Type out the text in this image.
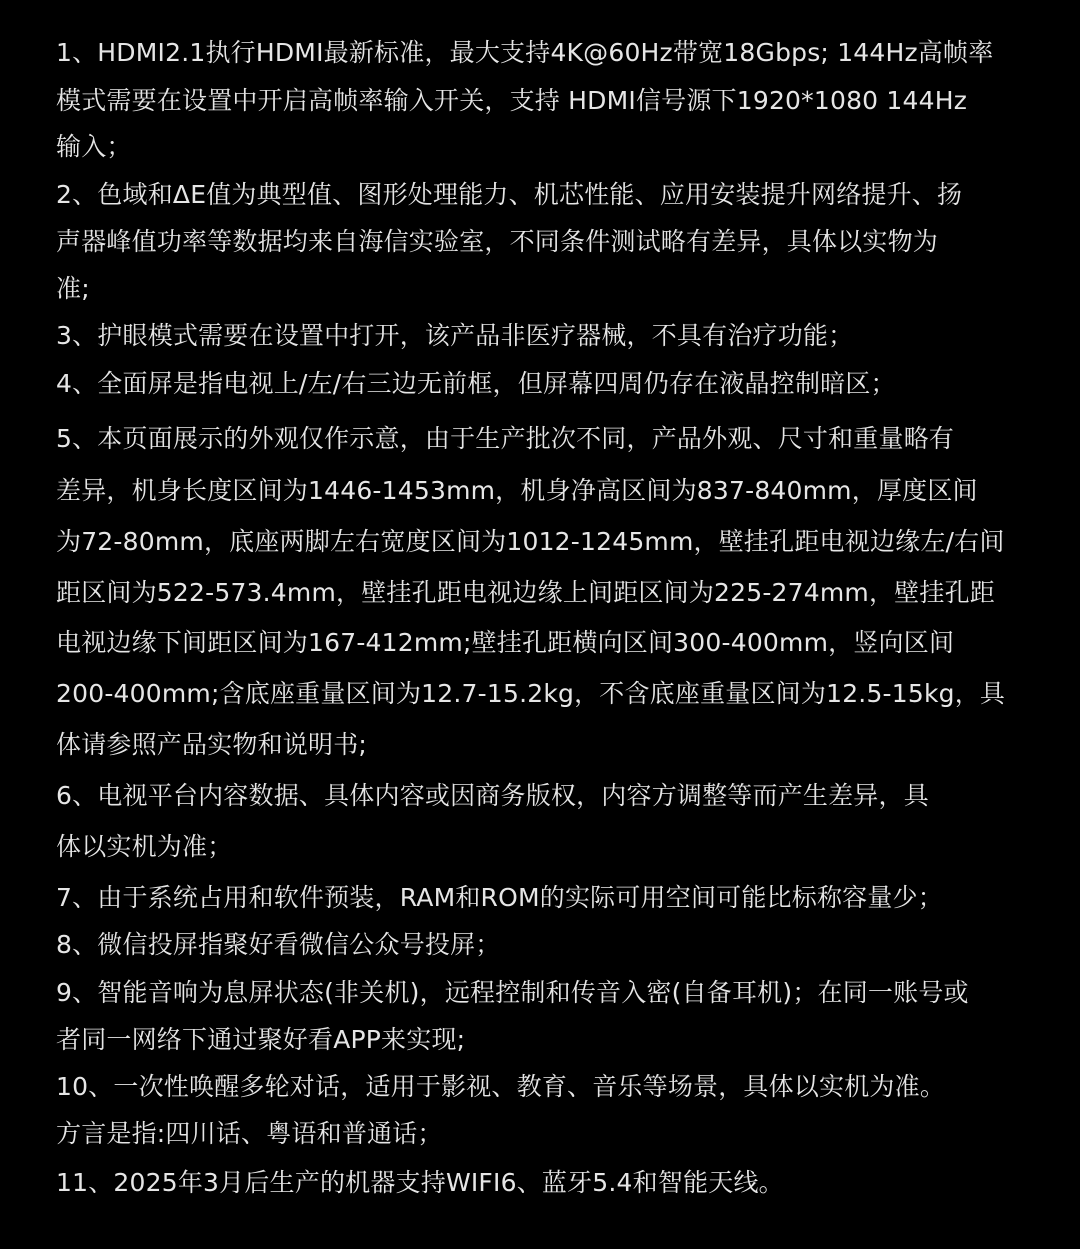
1、HDMI2.1执行HDMI最新标准，最大支持4K@60Hz带宽18Gbps; 144Hz高帧率
模式需要在设置中开启高帧率输入开关，支持 HDMI信号源下1920*1080 144Hz
输入；
2、色域和ΔE值为典型值、图形处理能力、机芯性能、应用安装提升网络提升、扬
声器峰值功率等数据均来自海信实验室，不同条件测试略有差异，具体以实物为
准;
3、护眼模式需要在设置中打开，该产品非医疗器械，不具有治疗功能；
4、全面屏是指电视上/左/右三边无前框，但屏幕四周仍存在液晶控制暗区；
5、本页面展示的外观仅作示意，由于生产批次不同，产品外观、尺寸和重量略有
差异，机身长度区间为1446-1453mm，机身净高区间为837-840mm，厚度区间
为72-80mm，底座两脚左右宽度区间为1012-1245mm，壁挂孔距电视边缘左/右间
距区间为522-573.4mm，壁挂孔距电视边缘上间距区间为225-274mm，壁挂孔距
电视边缘下间距区间为167-412mm;壁挂孔距横向区间300-400mm，竖向区间
200-400mm;含底座重量区间为12.7-15.2kg，不含底座重量区间为12.5-15kg，具
体请参照产品实物和说明书;
6、电视平台内容数据、具体内容或因商务版权，内容方调整等而产生差异，具
体以实机为准；
7、由于系统占用和软件预装，RAM和ROM的实际可用空间可能比标称容量少；
8、微信投屏指聚好看微信公众号投屏；
9、智能音响为息屏状态(非关机)，远程控制和传音入密(自备耳机)；在同一账号或
者同一网络下通过聚好看APP来实现;
10、一次性唤醒多轮对话，适用于影视、教育、音乐等场景，具体以实机为准。
方言是指:四川话、粤语和普通话；
11、2025年3月后生产的机器支持WIFI6、蓝牙5.4和智能天线。
